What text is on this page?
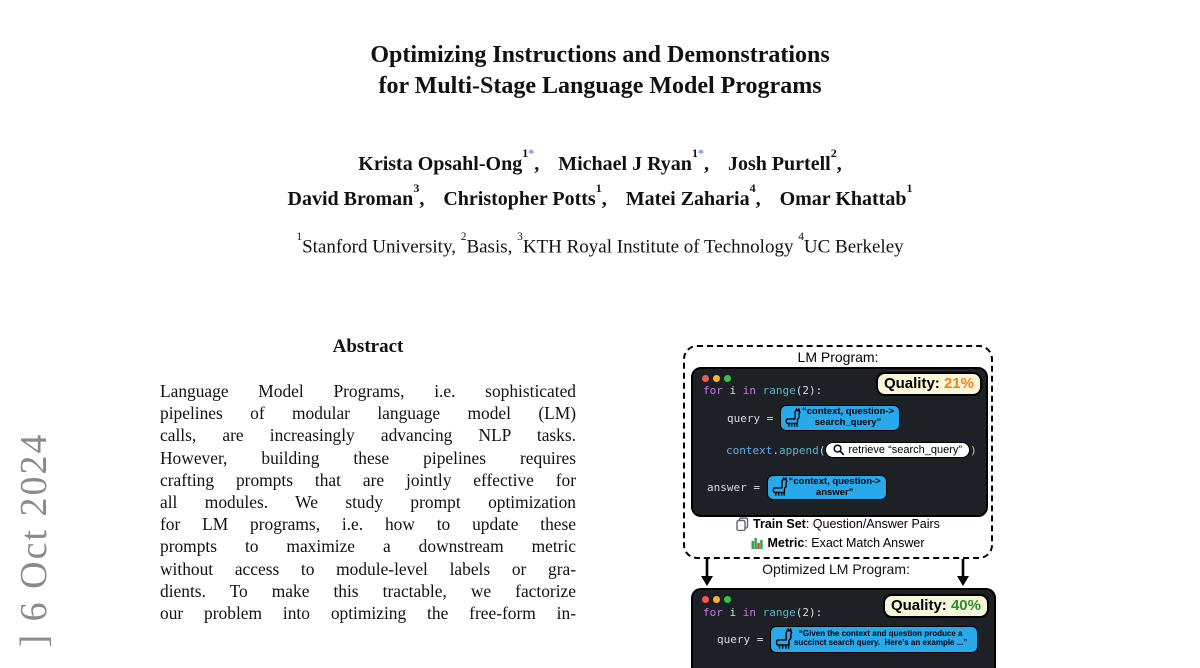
] 6 Oct 2024
Optimizing Instructions and Demonstrations
for Multi-Stage Language Model Programs
Krista Opsahl-Ong$^{1*}$, Michael J Ryan$^{1*}$, Josh Purtell$^2$,
David Broman$^3$, Christopher Potts$^1$, Matei Zaharia$^4$, Omar Khattab$^1$
$^1$Stanford University, $^2$Basis, $^3$KTH Royal Institute of Technology $^4$UC Berkeley
Abstract
Language Model Programs, i.e. sophisticated
pipelines of modular language model (LM)
calls, are increasingly advancing NLP tasks.
However, building these pipelines requires
crafting prompts that are jointly effective for
all modules. We study prompt optimization
for LM programs, i.e. how to update these
prompts to maximize a downstream metric
without access to module-level labels or gra-
dients. To make this tractable, we factorize
our problem into optimizing the free-form in-
LM Program:
Train Set: Question/Answer Pairs
Metric: Exact Match Answer
Quality: 21%
for i in range(2):
query = “context, question->
search_query”
context.append( retrieve “search_query” )
answer = “context, question->
answer”
Optimized LM Program:
Quality: 40%
for i in range(2):
query =	“Given the context and question produce a
succinct search query.  Here’s an example ...”
